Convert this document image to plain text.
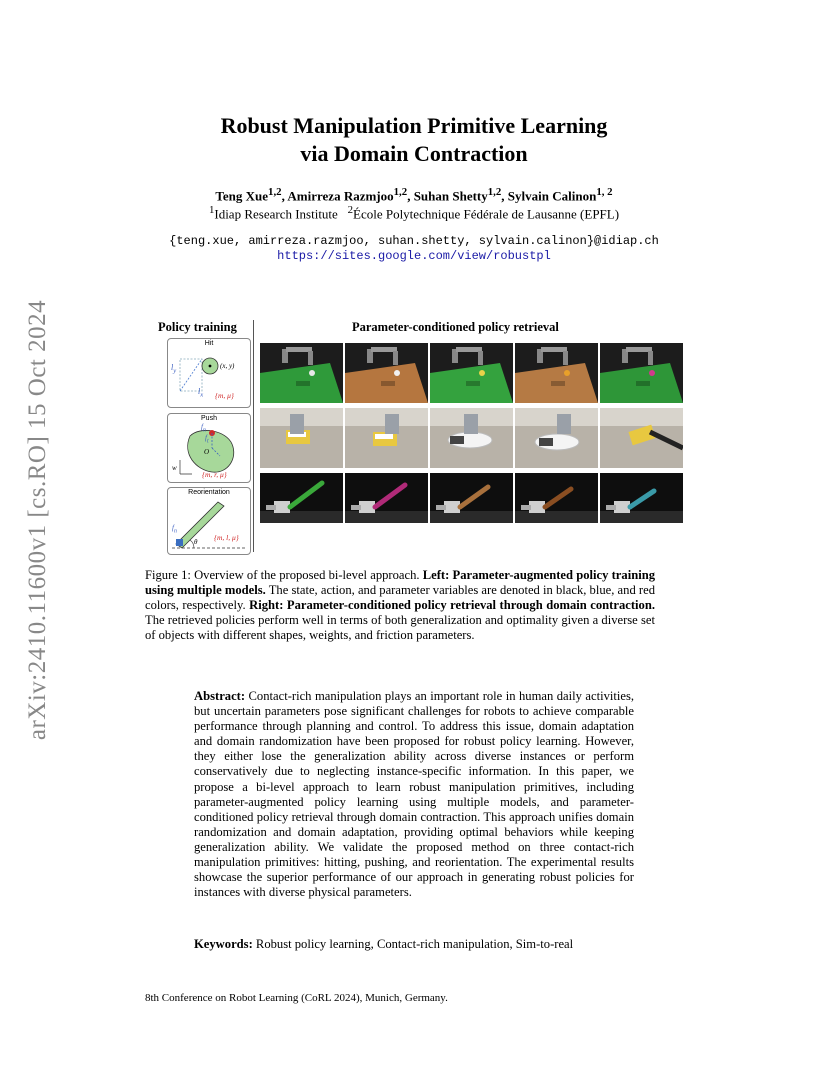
arXiv:2410.11600v1 [cs.RO] 15 Oct 2024
Robust Manipulation Primitive Learning
via Domain Contraction
Teng Xue$^{1,2}$, Amirreza Razmjoo$^{1,2}$, Suhan Shetty$^{1,2}$, Sylvain Calinon$^{1, 2}$
$^1$Idiap Research Institute $^2$École Polytechnique Fédérale de Lausanne (EPFL)
{teng.xue, amirreza.razmjoo, suhan.shetty, sylvain.calinon}@idiap.ch
https://sites.google.com/view/robustpl
Policy training	Parameter-conditioned policy retrieval
Hit
$l_y$
$l_x$
(x, y)
{m, μ}
Push
$f_n$
$f_t$
O
w
{m, r, μ}
Reorientation
$f_n$
θ {m, l, μ}
Figure 1: Overview of the proposed bi-level approach. Left: Parameter-augmented policy training using multiple models. The state, action, and parameter variables are denoted in black, blue, and red colors, respectively. Right: Parameter-conditioned policy retrieval through domain contraction. The retrieved policies perform well in terms of both generalization and optimality given a diverse set of objects with different shapes, weights, and friction parameters.
Abstract: Contact-rich manipulation plays an important role in human daily activities, but uncertain parameters pose significant challenges for robots to achieve comparable performance through planning and control. To address this issue, domain adaptation and domain randomization have been proposed for robust policy learning. However, they either lose the generalization ability across diverse instances or perform conservatively due to neglecting instance-specific information. In this paper, we propose a bi-level approach to learn robust manipulation primitives, including parameter-augmented policy learning using multiple models, and parameter-conditioned policy retrieval through domain contraction. This approach unifies domain randomization and domain adaptation, providing optimal behaviors while keeping generalization ability. We validate the proposed method on three contact-rich manipulation primitives: hitting, pushing, and reorientation. The experimental results showcase the superior performance of our approach in generating robust policies for instances with diverse physical parameters.
Keywords: Robust policy learning, Contact-rich manipulation, Sim-to-real
8th Conference on Robot Learning (CoRL 2024), Munich, Germany.
